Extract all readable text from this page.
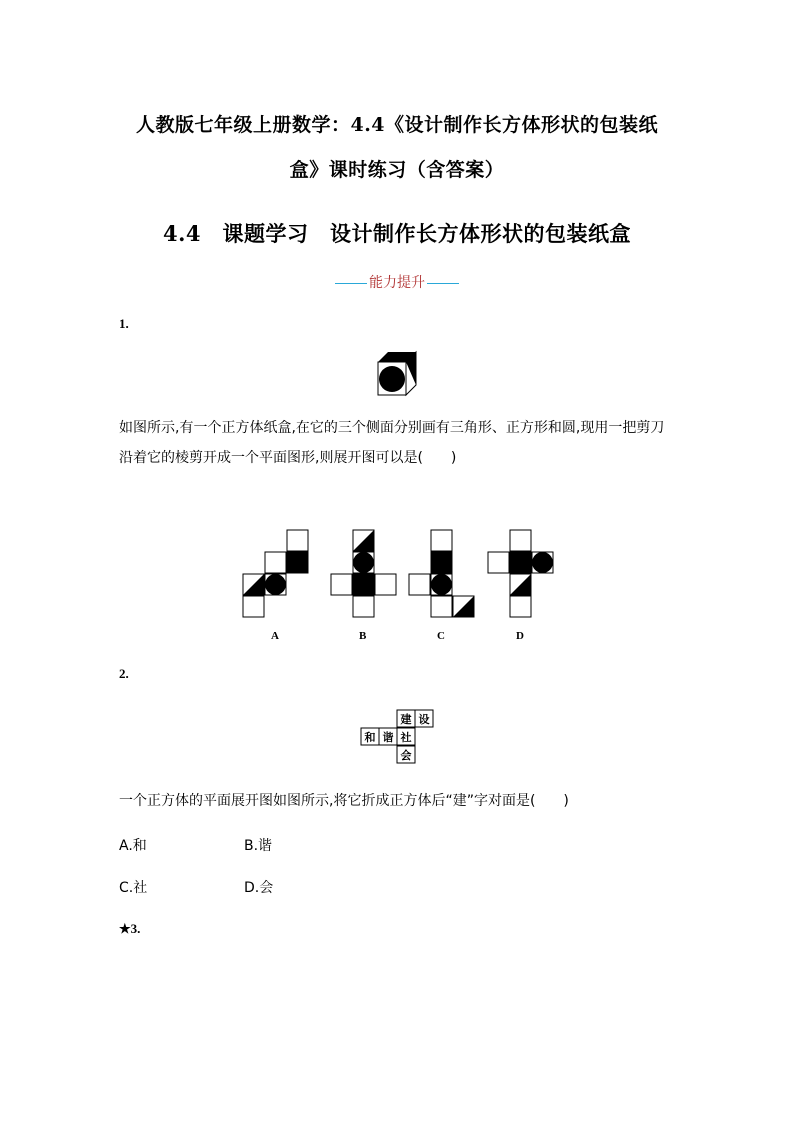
人教版七年级上册数学：4.4《设计制作长方体形状的包装纸
盒》课时练习（含答案）
4.4　课题学习　设计制作长方体形状的包装纸盒
能力提升
1.
如图所示,有一个正方体纸盒,在它的三个侧面分别画有三角形、正方形和圆,现用一把剪刀
沿着它的棱剪开成一个平面图形,则展开图可以是(　　)
A	B	C	D
2.
建 设
和 谐 社
会
一个正方体的平面展开图如图所示,将它折成正方体后“建”字对面是(　　)
A.和	B.谐
C.社	D.会
★3.
